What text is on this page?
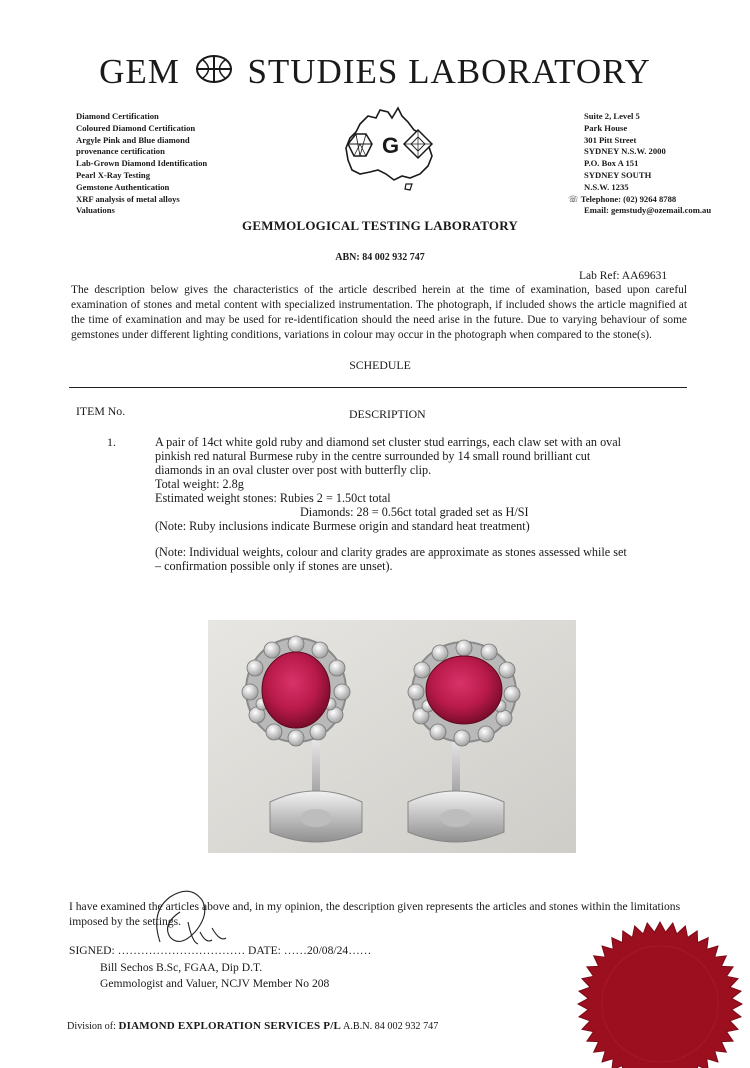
GEM STUDIES LABORATORY
Diamond Certification
Coloured Diamond Certification
Argyle Pink and Blue diamond
provenance certification
Lab-Grown Diamond Identification
Pearl X-Ray Testing
Gemstone Authentication
XRF analysis of metal alloys
Valuations
G
Suite 2, Level 5
Park House
301 Pitt Street
SYDNEY N.S.W. 2000
P.O. Box A 151
SYDNEY SOUTH
N.S.W. 1235
☏ Telephone: (02) 9264 8788
Email: gemstudy@ozemail.com.au
GEMMOLOGICAL TESTING LABORATORY
ABN: 84 002 932 747
Lab Ref: AA69631
The description below gives the characteristics of the article described herein at the time of examination, based upon careful examination of stones and metal content with specialized instrumentation. The photograph, if included shows the article magnified at the time of examination and may be used for re-identification should the need arise in the future. Due to varying behaviour of some gemstones under different lighting conditions, variations in colour may occur in the photograph when compared to the stone(s).
SCHEDULE
ITEM No.	DESCRIPTION
1.	A pair of 14ct white gold ruby and diamond set cluster stud earrings, each claw set with an oval pinkish red natural Burmese ruby in the centre surrounded by 14 small round brilliant cut diamonds in an oval cluster over post with butterfly clip.

Total weight: 2.8g

Estimated weight stones: Rubies 2 = 1.50ct total

Diamonds: 28 = 0.56ct total graded set as H/SI

(Note: Ruby inclusions indicate Burmese origin and standard heat treatment)

(Note: Individual weights, colour and clarity grades are approximate as stones assessed while set – confirmation possible only if stones are unset).

I have examined the articles above and, in my opinion, the description given represents the articles and stones within the limitations imposed by the settings.
SIGNED: …………………………… DATE: ……20/08/24……
Bill Sechos B.Sc, FGAA, Dip D.T.
Gemmologist and Valuer, NCJV Member No 208
Division of: DIAMOND EXPLORATION SERVICES P/L A.B.N. 84 002 932 747
